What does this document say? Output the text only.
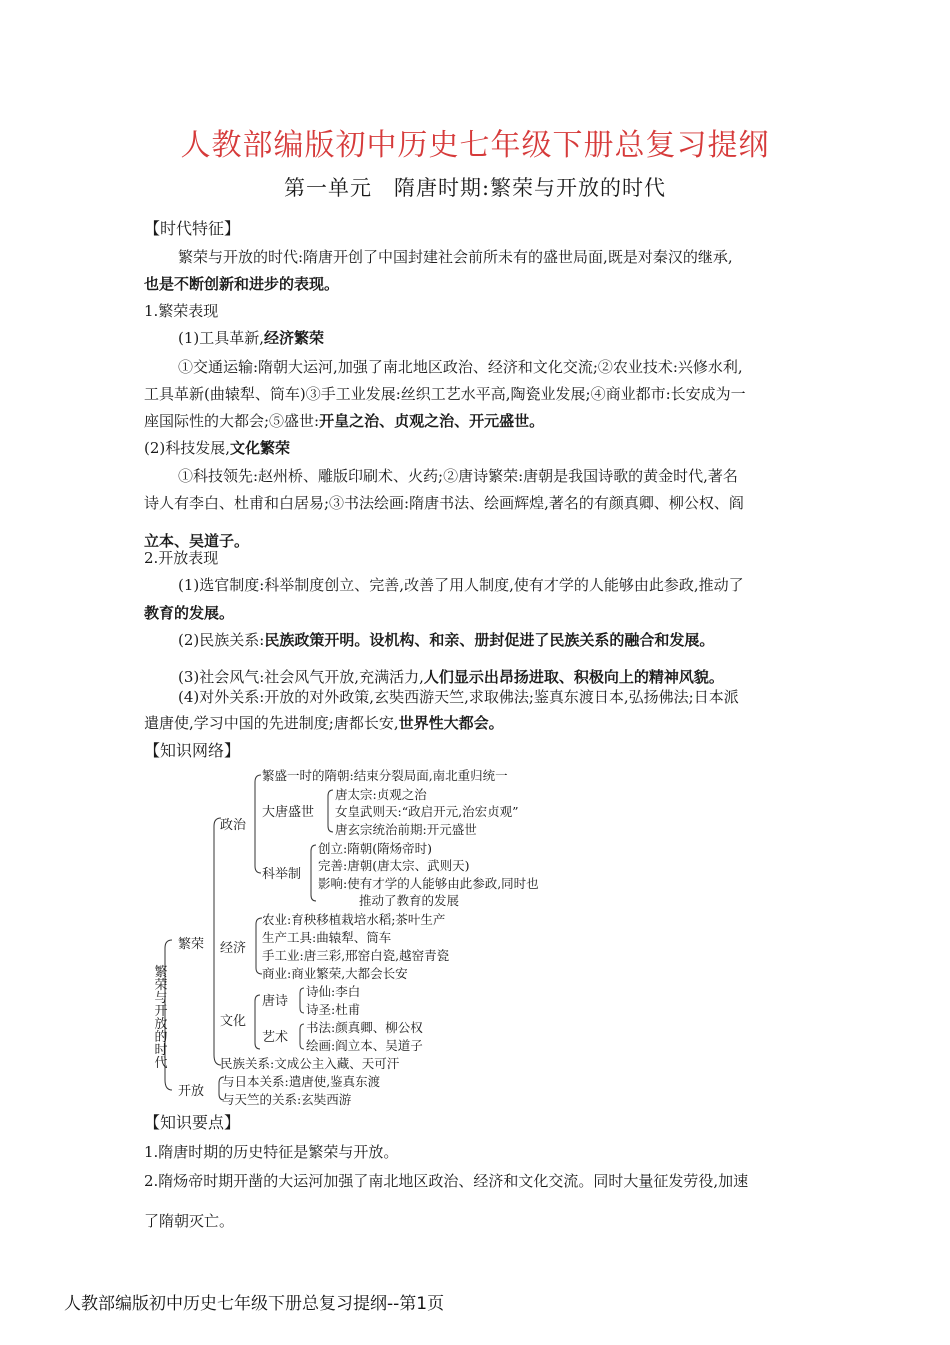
人教部编版初中历史七年级下册总复习提纲
第一单元　隋唐时期:繁荣与开放的时代
【时代特征】
繁荣与开放的时代:隋唐开创了中国封建社会前所未有的盛世局面,既是对秦汉的继承,
也是不断创新和进步的表现。
1.繁荣表现
(1)工具革新,经济繁荣
①交通运输:隋朝大运河,加强了南北地区政治、经济和文化交流;②农业技术:兴修水利,
工具革新(曲辕犁、筒车)③手工业发展:丝织工艺水平高,陶瓷业发展;④商业都市:长安成为一
座国际性的大都会;⑤盛世:开皇之治、贞观之治、开元盛世。
(2)科技发展,文化繁荣
①科技领先:赵州桥、雕版印刷术、火药;②唐诗繁荣:唐朝是我国诗歌的黄金时代,著名
诗人有李白、杜甫和白居易;③书法绘画:隋唐书法、绘画辉煌,著名的有颜真卿、柳公权、阎
立本、吴道子。
2.开放表现
(1)选官制度:科举制度创立、完善,改善了用人制度,使有才学的人能够由此参政,推动了
教育的发展。
(2)民族关系:民族政策开明。设机构、和亲、册封促进了民族关系的融合和发展。
(3)社会风气:社会风气开放,充满活力,人们显示出昂扬进取、积极向上的精神风貌。
(4)对外关系:开放的对外政策,玄奘西游天竺,求取佛法;鉴真东渡日本,弘扬佛法;日本派
遣唐使,学习中国的先进制度;唐都长安,世界性大都会。
【知识网络】
繁荣与开放的时代
繁荣
开放
政治
经济
文化
繁盛一时的隋朝:结束分裂局面,南北重归统一
大唐盛世
唐太宗:贞观之治
女皇武则天:“政启开元,治宏贞观”
唐玄宗统治前期:开元盛世
科举制
创立:隋朝(隋炀帝时)
完善:唐朝(唐太宗、武则天)
影响:使有才学的人能够由此参政,同时也
推动了教育的发展
农业:育秧移植栽培水稻;茶叶生产
生产工具:曲辕犁、筒车
手工业:唐三彩,邢窑白瓷,越窑青瓷
商业:商业繁荣,大都会长安
唐诗
诗仙:李白
诗圣:杜甫
艺术
书法:颜真卿、柳公权
绘画:阎立本、吴道子
民族关系:文成公主入藏、天可汗
与日本关系:遣唐使,鉴真东渡
与天竺的关系:玄奘西游
【知识要点】
1.隋唐时期的历史特征是繁荣与开放。
2.隋炀帝时期开凿的大运河加强了南北地区政治、经济和文化交流。同时大量征发劳役,加速
了隋朝灭亡。
人教部编版初中历史七年级下册总复习提纲--第1页
